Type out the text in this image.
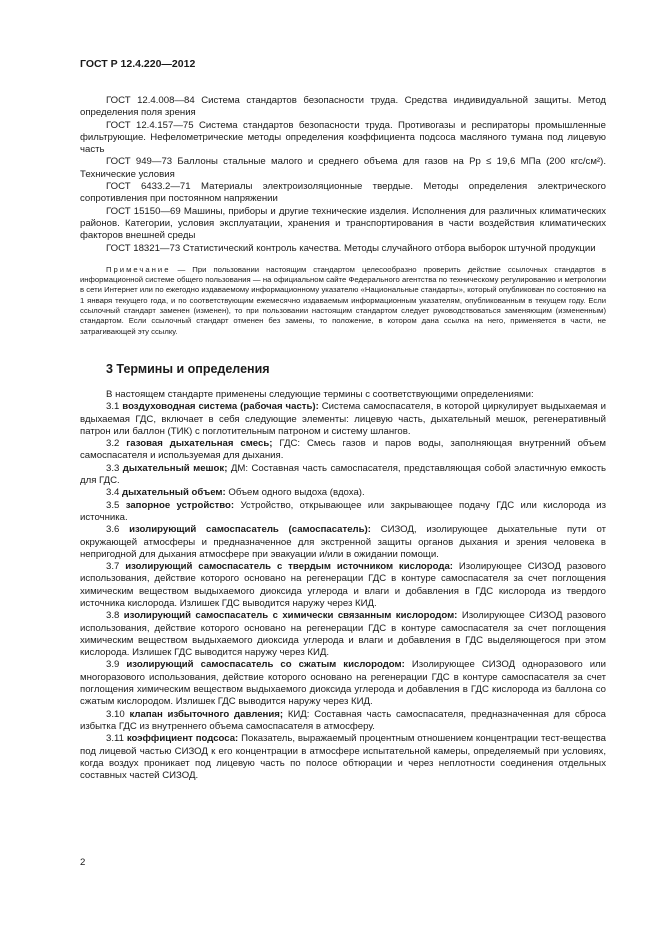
ГОСТ Р 12.4.220—2012

ГОСТ 12.4.008—84 Система стандартов безопасности труда. Средства индивидуальной защиты. Метод определения поля зрения

ГОСТ 12.4.157—75 Система стандартов безопасности труда. Противогазы и респираторы промышленные фильтрующие. Нефелометрические методы определения коэффициента подсоса масляного тумана под лицевую часть

ГОСТ 949—73 Баллоны стальные малого и среднего объема для газов на Pр ≤ 19,6 МПа (200 кгс/см²). Технические условия

ГОСТ 6433.2—71 Материалы электроизоляционные твердые. Методы определения электрического сопротивления при постоянном напряжении

ГОСТ 15150—69 Машины, приборы и другие технические изделия. Исполнения для различных климатических районов. Категории, условия эксплуатации, хранения и транспортирования в части воздействия климатических факторов внешней среды

ГОСТ 18321—73 Статистический контроль качества. Методы случайного отбора выборок штучной продукции

Примечание — При пользовании настоящим стандартом целесообразно проверить действие ссылочных стандартов в информационной системе общего пользования — на официальном сайте Федерального агентства по техническому регулированию и метрологии в сети Интернет или по ежегодно издаваемому информационному указателю «Национальные стандарты», который опубликован по состоянию на 1 января текущего года, и по соответствующим ежемесячно издаваемым информационным указателям, опубликованным в текущем году. Если ссылочный стандарт заменен (изменен), то при пользовании настоящим стандартом следует руководствоваться заменяющим (измененным) стандартом. Если ссылочный стандарт отменен без замены, то положение, в котором дана ссылка на него, применяется в части, не затрагивающей эту ссылку.

3 Термины и определения

В настоящем стандарте применены следующие термины с соответствующими определениями:

3.1 воздуховодная система (рабочая часть): Система самоспасателя, в которой циркулирует выдыхаемая и вдыхаемая ГДС, включает в себя следующие элементы: лицевую часть, дыхательный мешок, регенеративный патрон или баллон (ТИК) с поглотительным патроном и систему шлангов.

3.2 газовая дыхательная смесь; ГДС: Смесь газов и паров воды, заполняющая внутренний объем самоспасателя и используемая для дыхания.

3.3 дыхательный мешок; ДМ: Составная часть самоспасателя, представляющая собой эластичную емкость для ГДС.

3.4 дыхательный объем: Объем одного выдоха (вдоха).

3.5 запорное устройство: Устройство, открывающее или закрывающее подачу ГДС или кислорода из источника.

3.6 изолирующий самоспасатель (самоспасатель): СИЗОД, изолирующее дыхательные пути от окружающей атмосферы и предназначенное для экстренной защиты органов дыхания и зрения человека в непригодной для дыхания атмосфере при эвакуации и/или в ожидании помощи.

3.7 изолирующий самоспасатель с твердым источником кислорода: Изолирующее СИЗОД разового использования, действие которого основано на регенерации ГДС в контуре самоспасателя за счет поглощения химическим веществом выдыхаемого диоксида углерода и влаги и добавления в ГДС кислорода из твердого источника кислорода. Излишек ГДС выводится наружу через КИД.

3.8 изолирующий самоспасатель с химически связанным кислородом: Изолирующее СИЗОД разового использования, действие которого основано на регенерации ГДС в контуре самоспасателя за счет поглощения химическим веществом выдыхаемого диоксида углерода и влаги и добавления в ГДС выделяющегося при этом кислорода. Излишек ГДС выводится наружу через КИД.

3.9 изолирующий самоспасатель со сжатым кислородом: Изолирующее СИЗОД одноразового или многоразового использования, действие которого основано на регенерации ГДС в контуре самоспасателя за счет поглощения химическим веществом выдыхаемого диоксида углерода и добавления в ГДС кислорода из баллона со сжатым кислородом. Излишек ГДС выводится наружу через КИД.

3.10 клапан избыточного давления; КИД: Составная часть самоспасателя, предназначенная для сброса избытка ГДС из внутреннего объема самоспасателя в атмосферу.

3.11 коэффициент подсоса: Показатель, выражаемый процентным отношением концентрации тест-вещества под лицевой частью СИЗОД к его концентрации в атмосфере испытательной камеры, определяемый при условиях, когда воздух проникает под лицевую часть по полосе обтюрации и через неплотности соединения отдельных составных частей СИЗОД.

2
